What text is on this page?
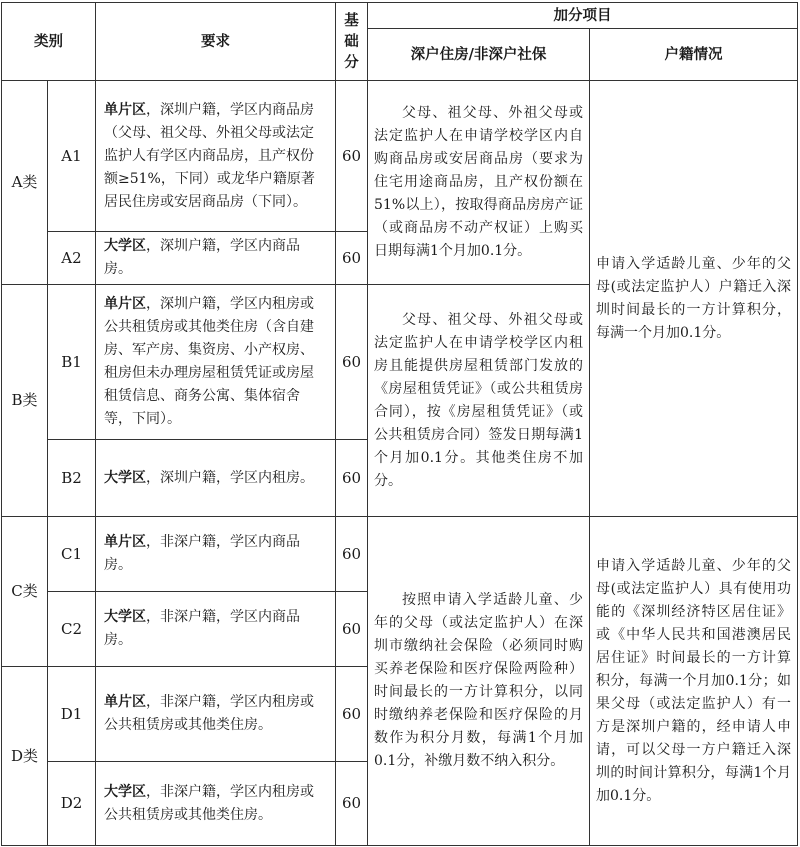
类别		要求	基
础
分	加分项目	
				深户住房/非深户社保	户籍情况
A类	A1	单片区，深圳户籍，学区内商品房（父母、祖父母、外祖父母或法定监护人有学区内商品房，且产权份额≥51%，下同）或龙华户籍原著居民住房或安居商品房（下同）。	60	父母、祖父母、外祖父母或法定监护人在申请学校学区内自购商品房或安居商品房（要求为住宅用途商品房，且产权份额在51%以上），按取得商品房房产证（或商品房不动产权证）上购买日期每满1个月加0.1分。	申请入学适龄儿童、少年的父母(或法定监护人）户籍迁入深圳时间最长的一方计算积分，每满一个月加0.1分。
	A2	大学区，深圳户籍，学区内商品房。	60		
B类	B1	单片区，深圳户籍，学区内租房或公共租赁房或其他类住房（含自建房、军产房、集资房、小产权房、租房但未办理房屋租赁凭证或房屋租赁信息、商务公寓、集体宿舍等，下同）。	60	父母、祖父母、外祖父母或法定监护人在申请学校学区内租房且能提供房屋租赁部门发放的《房屋租赁凭证》（或公共租赁房合同），按《房屋租赁凭证》（或公共租赁房合同）签发日期每满1个月加0.1分。其他类住房不加分。	
	B2	大学区，深圳户籍，学区内租房。	60		
C类	C1	单片区，非深户籍，学区内商品房。	60	按照申请入学适龄儿童、少年的父母（或法定监护人）在深圳市缴纳社会保险（必须同时购买养老保险和医疗保险两险种）时间最长的一方计算积分，以同时缴纳养老保险和医疗保险的月数作为积分月数，每满1个月加0.1分，补缴月数不纳入积分。	申请入学适龄儿童、少年的父母(或法定监护人）具有使用功能的《深圳经济特区居住证》或《中华人民共和国港澳居民居住证》时间最长的一方计算积分，每满一个月加0.1分；如果父母（或法定监护人）有一方是深圳户籍的，经申请人申请，可以父母一方户籍迁入深圳的时间计算积分，每满1个月加0.1分。
	C2	大学区，非深户籍，学区内商品房。	60		
D类	D1	单片区，非深户籍，学区内租房或公共租赁房或其他类住房。	60		
	D2	大学区，非深户籍，学区内租房或公共租赁房或其他类住房。	60		
